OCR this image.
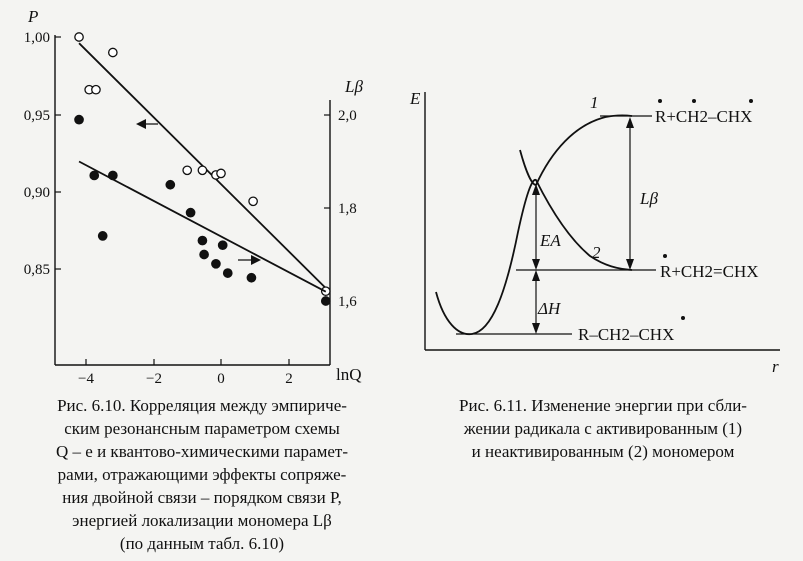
P
Lβ
lnQ
1,00
0,95
0,90
0,85
2,0
1,8
1,6
−4	−2	0	2
E
r
Lβ
EA
ΔH
1
2
R+CH2–CHX
R+CH2=CHX
R–CH2–CHX
Рис. 6.10. Корреляция между эмпириче-
ским резонансным параметром схемы
Q – e и квантово-химическими парамет-
рами, отражающими эффекты сопряже-
ния двойной связи – порядком связи P,
энергией локализации мономера Lβ
(по данным табл. 6.10)
Рис. 6.11. Изменение энергии при сбли-
жении радикала с активированным (1)
и неактивированным (2) мономером
